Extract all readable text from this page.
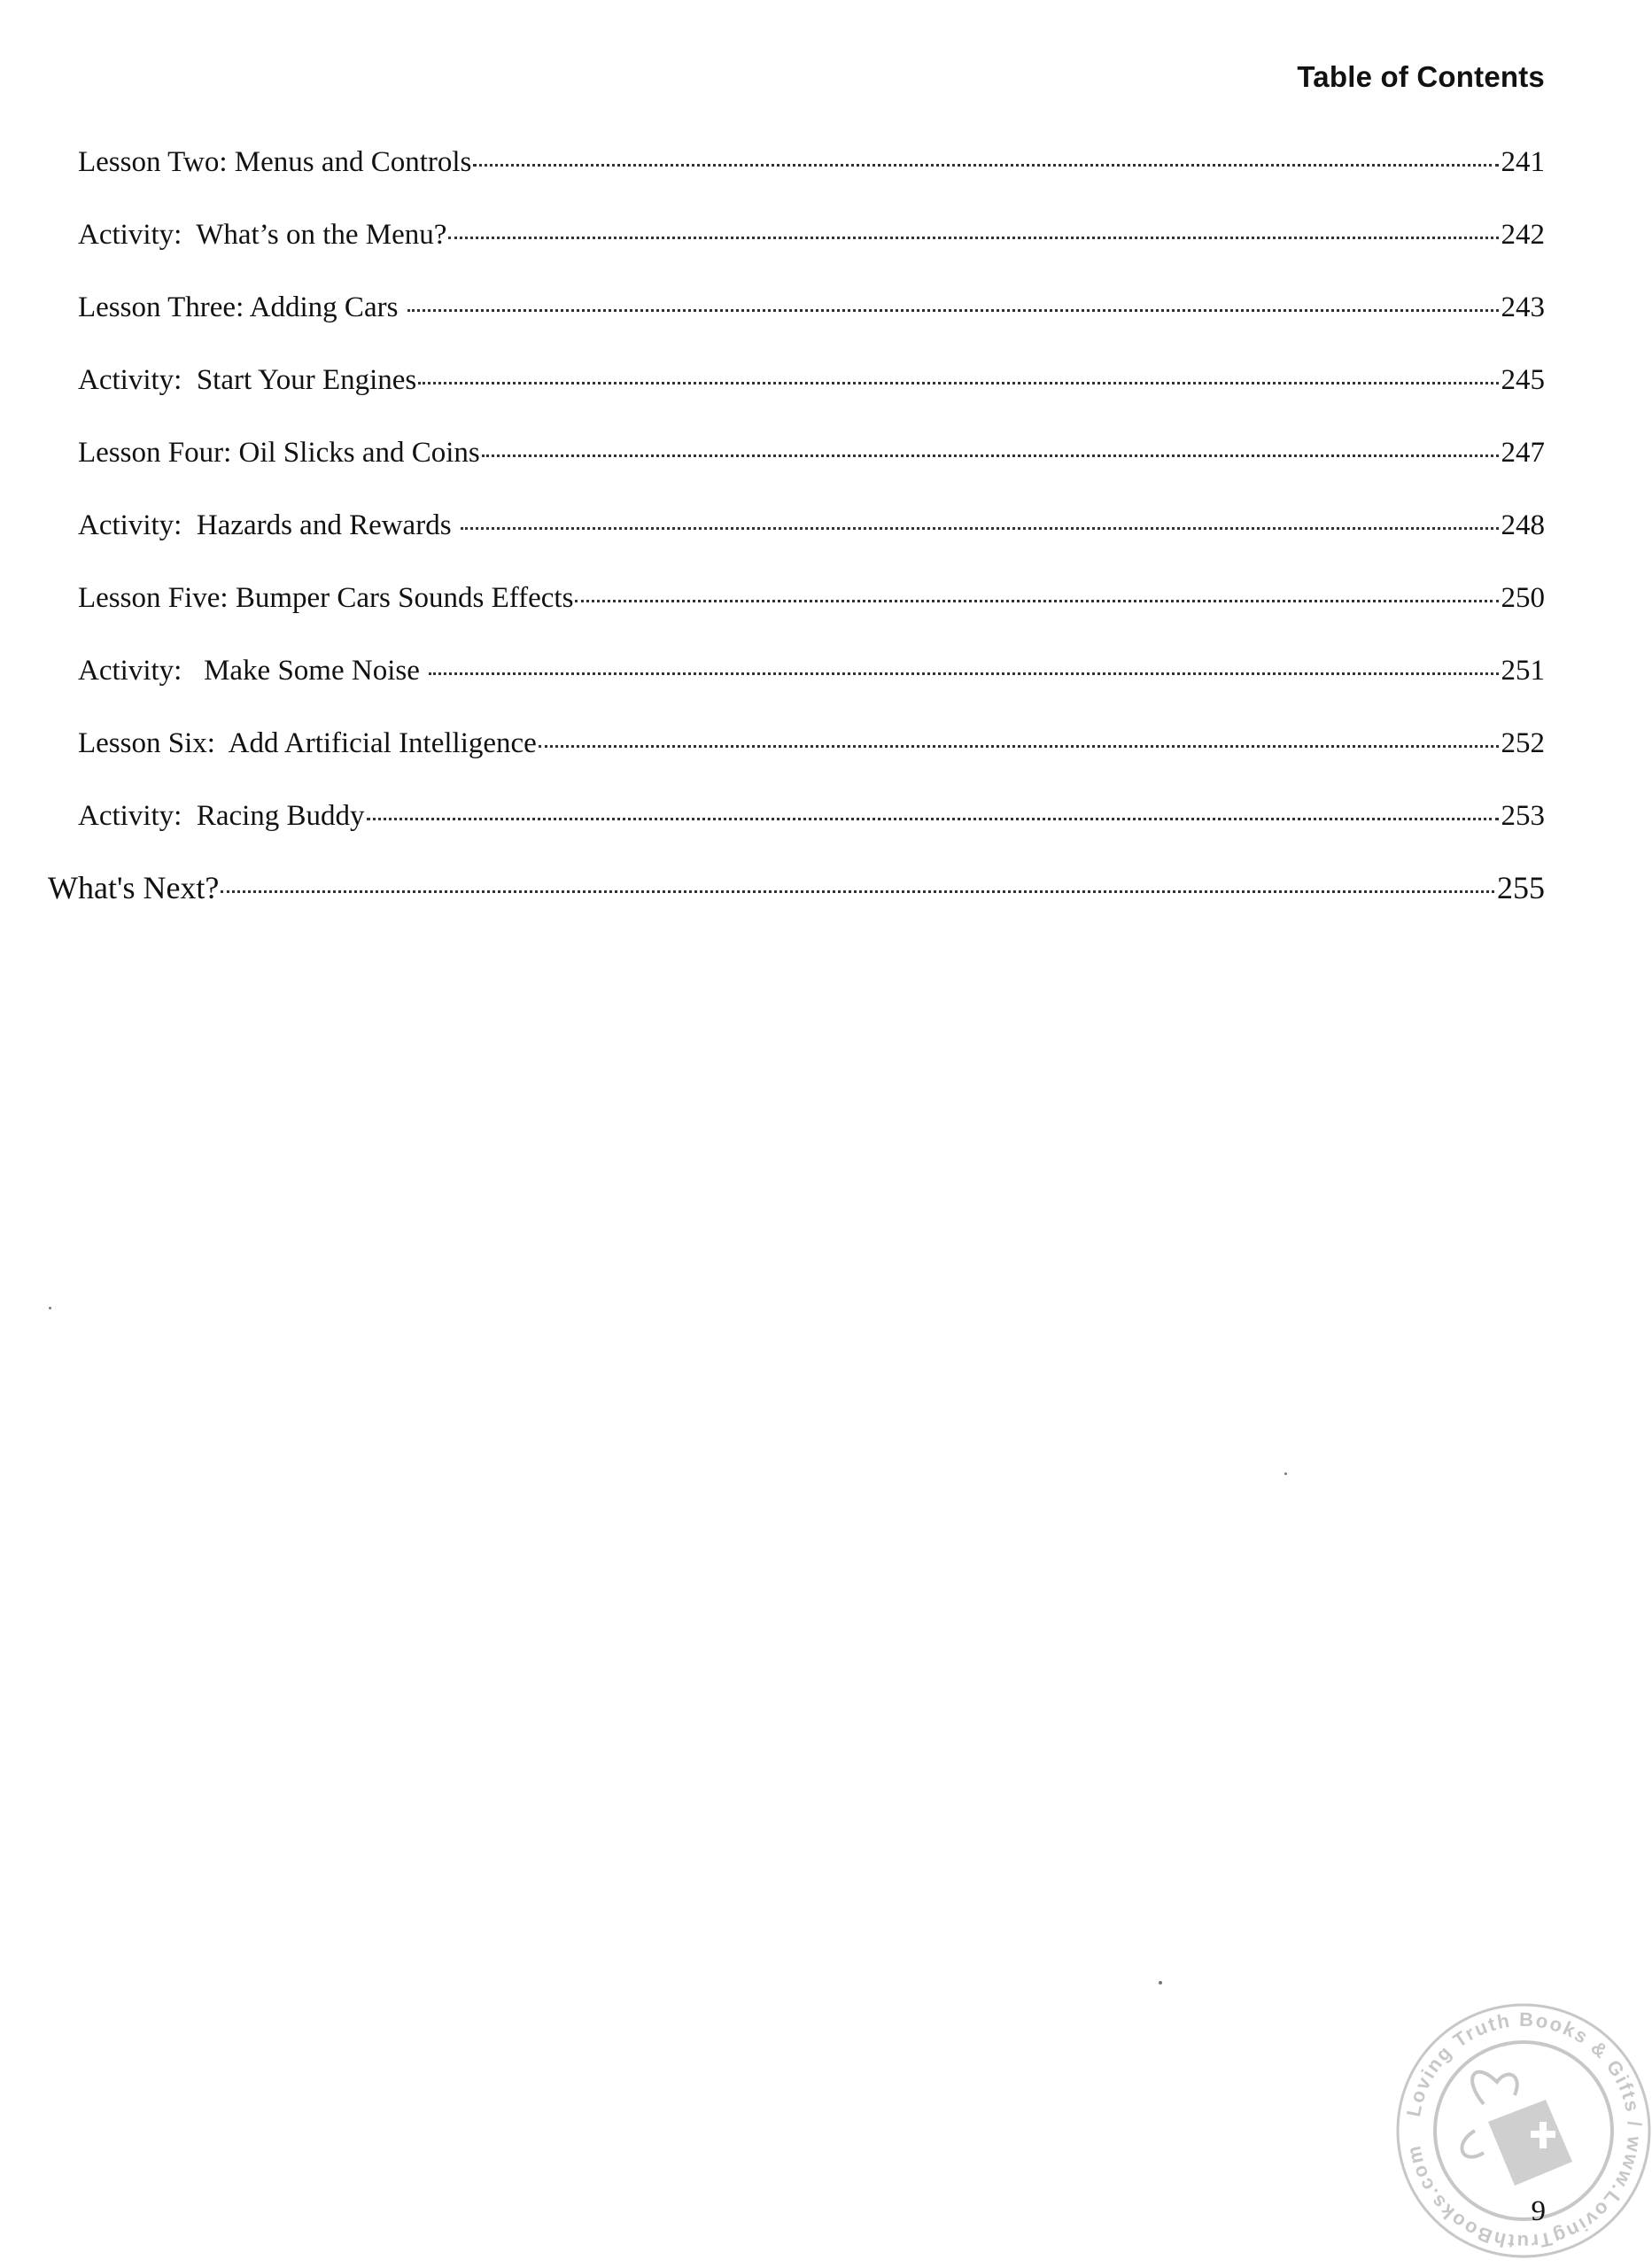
Table of Contents
Lesson Two: Menus and Controls	241
Activity:  What’s on the Menu?	242
Lesson Three: Adding Cars	243
Activity:  Start Your Engines	245
Lesson Four: Oil Slicks and Coins	247
Activity:  Hazards and Rewards	248
Lesson Five: Bumper Cars Sounds Effects	250
Activity:   Make Some Noise	251
Lesson Six:  Add Artificial Intelligence	252
Activity:  Racing Buddy	253
What's Next?	255
Loving Truth Books & Gifts / www.LovingTruthBooks.com
9
